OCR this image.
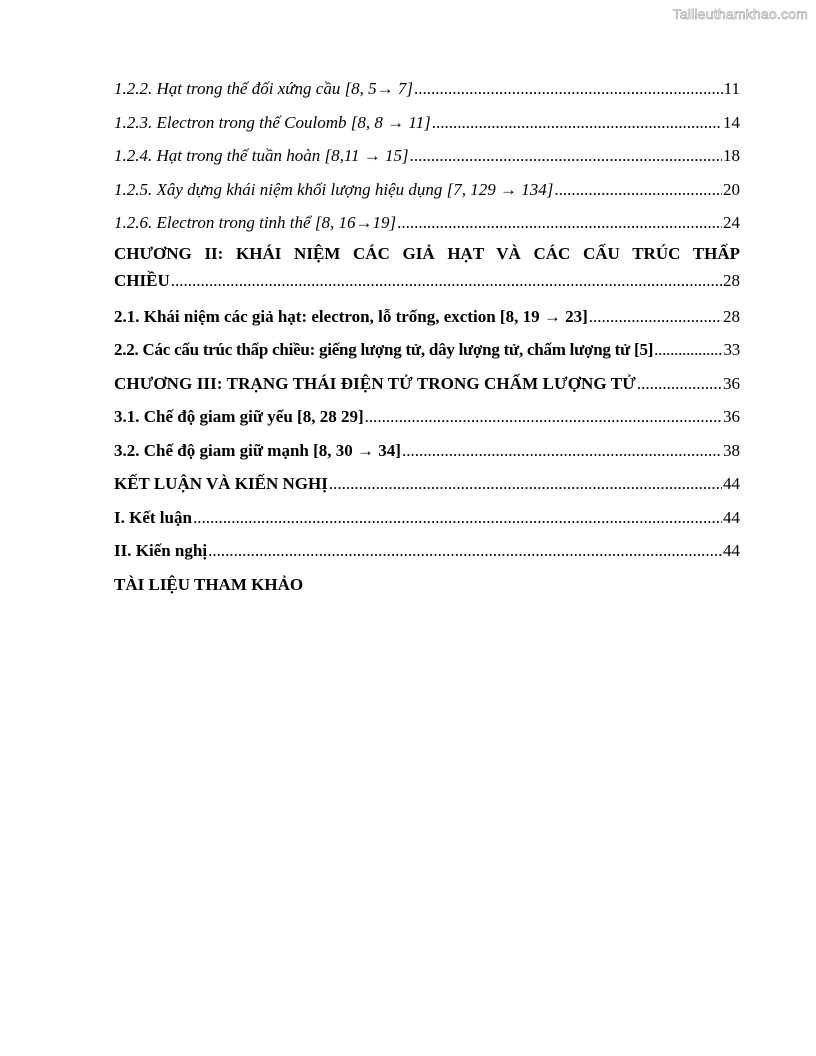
Tailieuthamkhao.com
1.2.2. Hạt trong thế đối xứng cầu [8, 5→ 7] .....	11
1.2.3. Electron trong thế Coulomb [8, 8 → 11] .....	14
1.2.4. Hạt trong thế tuần hoàn [8,11 → 15] .....	18
1.2.5. Xây dựng khái niệm khối lượng hiệu dụng [7, 129 → 134] .....	20
1.2.6. Electron trong tinh thể [8, 16→19] .....	24
CHƯƠNG II: KHÁI NIỆM CÁC GIẢ HẠT VÀ CÁC CẤU TRÚC THẤP
CHIỀU .....	28
2.1. Khái niệm các giả hạt: electron, lỗ trống, exction [8, 19 → 23] .....	28
2.2. Các cấu trúc thấp chiều: giếng lượng tử, dây lượng tử, chấm lượng tử [5] .....	33
CHƯƠNG III: TRẠNG THÁI ĐIỆN TỬ TRONG CHẤM LƯỢNG TỬ .....	36
3.1. Chế độ giam giữ yếu [8, 28 29] .....	36
3.2. Chế độ giam giữ mạnh [8, 30 → 34] .....	38
KẾT LUẬN VÀ KIẾN NGHỊ .....	44
I. Kết luận .....	44
II. Kiến nghị .....	44
TÀI LIỆU THAM KHẢO
